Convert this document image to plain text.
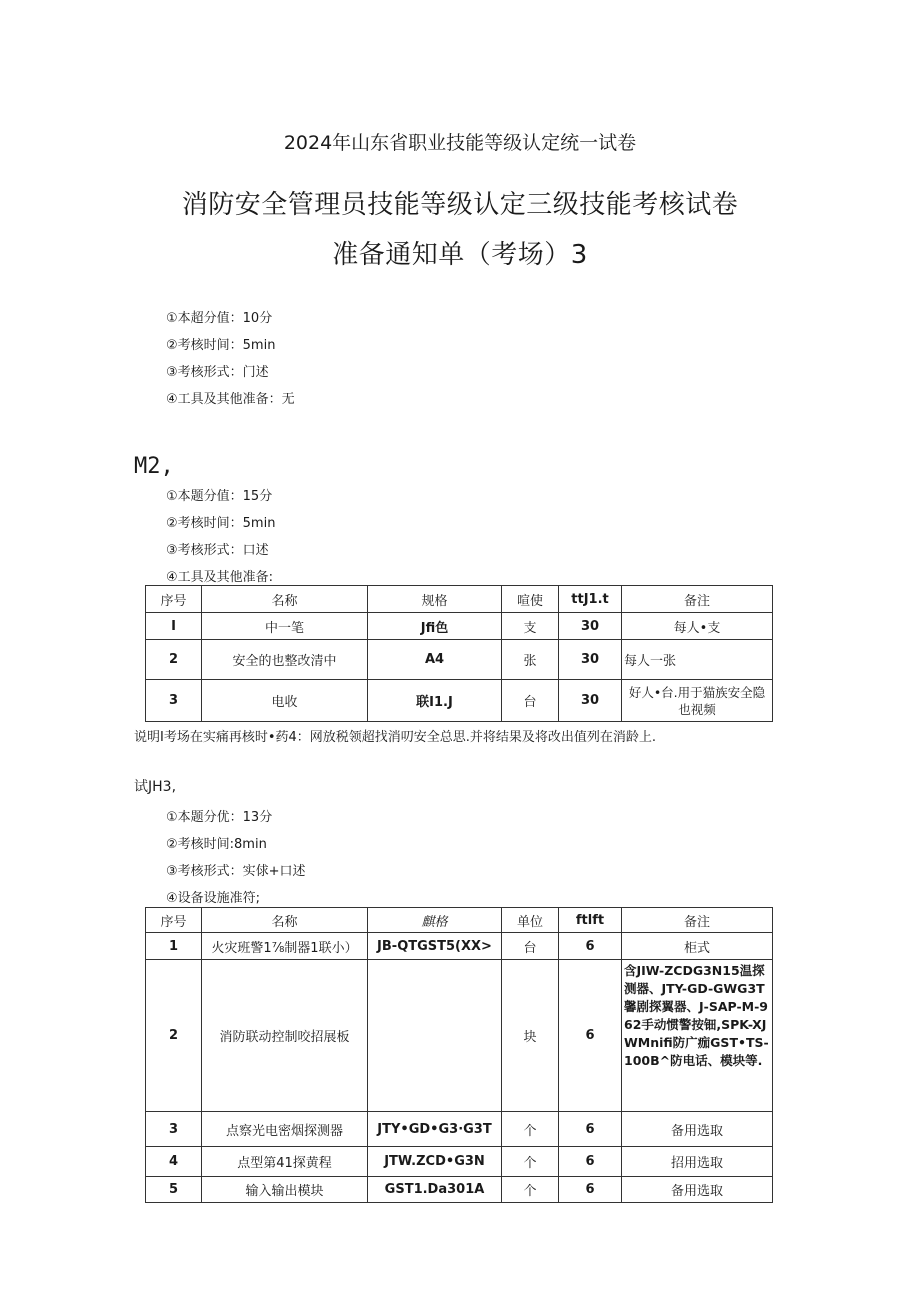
2024年山东省职业技能等级认定统一试卷

消防安全管理员技能等级认定三级技能考核试卷

准备通知单（考场）3

①本超分值：10分

②考核时间：5min

③考核形式：门述

④工具及其他准备：无

M2,

①本题分值：15分

②考核时间：5min

③考核形式：口述

④工具及其他准备:

序号	名称	规格	喧使	ttJ1.t	备注
I	中一笔	Jfi色	支	30	每人•支
2	安全的也整改清中	A4	张	30	每人一张
3	电收	联I1.J	台	30	好人•台.用于猫族安全隐也视频

说明I考场在实痛再核时•药4：网放税领超找消叨安全总思.并将结果及将改出值列在消龄上.

试JH3,

①本题分优：13分

②考核时间:8min

③考核形式：实俅+口述

④设备设施准符;

序号	名称	麒格	单位	ftlft	备注
1	火灾班警1⅞制器1联小）	JB-QTGST5(XX>	台	6	柜式
2	消防联动控制咬招展板		块	6	含JIW-ZCDG3N15温探测器、JTY-GD-GWG3T馨剧探翼器、J-SAP-M-962手动惯警按钿,SPK-XJWMnifi防广痂GST•TS-100B^防电话、模块等.
3	点察光电密烟探测器	JTY•GD•G3·G3T	个	6	备用选取
4	点型第41探黄程	JTW.ZCD•G3N	个	6	招用选取
5	输入输出模块	GST1.Da301A	个	6	备用选取
